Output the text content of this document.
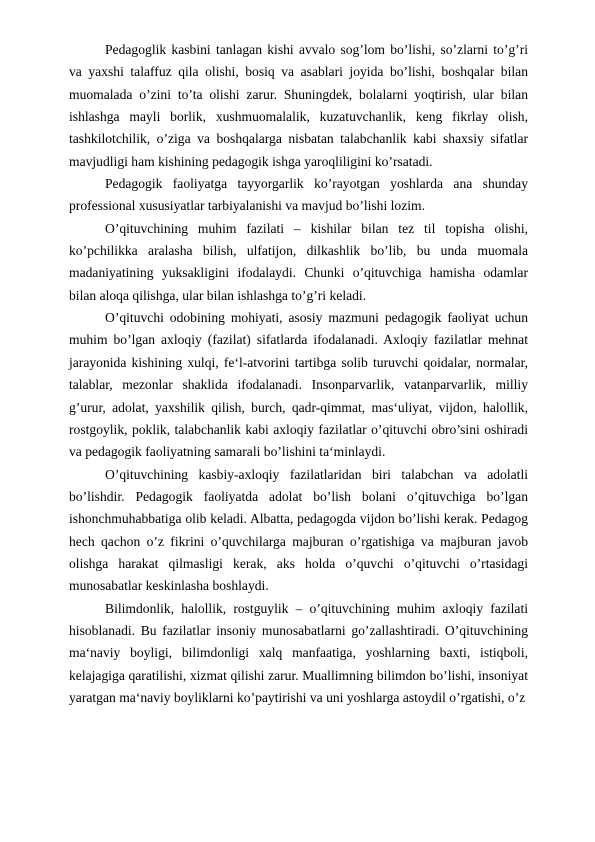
Pedagoglik kasbini tanlagan kishi avvalo sog’lom bo’lishi, so’zlarni to’g’ri va yaxshi talaffuz qila olishi, bosiq va asablari joyida bo’lishi, boshqalar bilan muomalada o’zini to’ta olishi zarur. Shuningdek, bolalarni yoqtirish, ular bilan ishlashga mayli borlik, xushmuomalalik, kuzatuvchanlik, keng fikrlay olish, tashkilotchilik, o’ziga va boshqalarga nisbatan talabchanlik kabi shaxsiy sifatlar mavjudligi ham kishining pedagogik ishga yaroqliligini ko’rsatadi.

Pedagogik faoliyatga tayyorgarlik ko’rayotgan yoshlarda ana shunday professional xususiyatlar tarbiyalanishi va mavjud bo’lishi lozim.

O’qituvchining muhim fazilati – kishilar bilan tez til topisha olishi, ko’pchilikka aralasha bilish, ulfatijon, dilkashlik bo’lib, bu unda muomala madaniyatining yuksakligini ifodalaydi. Chunki o’qituvchiga hamisha odamlar bilan aloqa qilishga, ular bilan ishlashga to’g’ri keladi.

O’qituvchi odobining mohiyati, asosiy mazmuni pedagogik faoliyat uchun muhim bo’lgan axloqiy (fazilat) sifatlarda ifodalanadi. Axloqiy fazilatlar mehnat jarayonida kishining xulqi, fe‘l-atvorini tartibga solib turuvchi qoidalar, normalar, talablar, mezonlar shaklida ifodalanadi. Insonparvarlik, vatanparvarlik, milliy g’urur, adolat, yaxshilik qilish, burch, qadr-qimmat, mas‘uliyat, vijdon, halollik, rostgoylik, poklik, talabchanlik kabi axloqiy fazilatlar o’qituvchi obro’sini oshiradi va pedagogik faoliyatning samarali bo’lishini ta‘minlaydi.

O’qituvchining kasbiy-axloqiy fazilatlaridan biri talabchan va adolatli bo’lishdir. Pedagogik faoliyatda adolat bo’lish bolani o’qituvchiga bo’lgan ishonchmuhabbatiga olib keladi. Albatta, pedagogda vijdon bo’lishi kerak. Pedagog hech qachon o’z fikrini o’quvchilarga majburan o’rgatishiga va majburan javob olishga harakat qilmasligi kerak, aks holda o’quvchi o’qituvchi o’rtasidagi munosabatlar keskinlasha boshlaydi.

Bilimdonlik, halollik, rostguylik – o’qituvchining muhim axloqiy fazilati hisoblanadi. Bu fazilatlar insoniy munosabatlarni go’zallashtiradi. O’qituvchining ma‘naviy boyligi, bilimdonligi xalq manfaatiga, yoshlarning baxti, istiqboli, kelajagiga qaratilishi, xizmat qilishi zarur. Muallimning bilimdon bo’lishi, insoniyat yaratgan ma‘naviy boyliklarni ko’paytirishi va uni yoshlarga astoydil o’rgatishi, o’z
